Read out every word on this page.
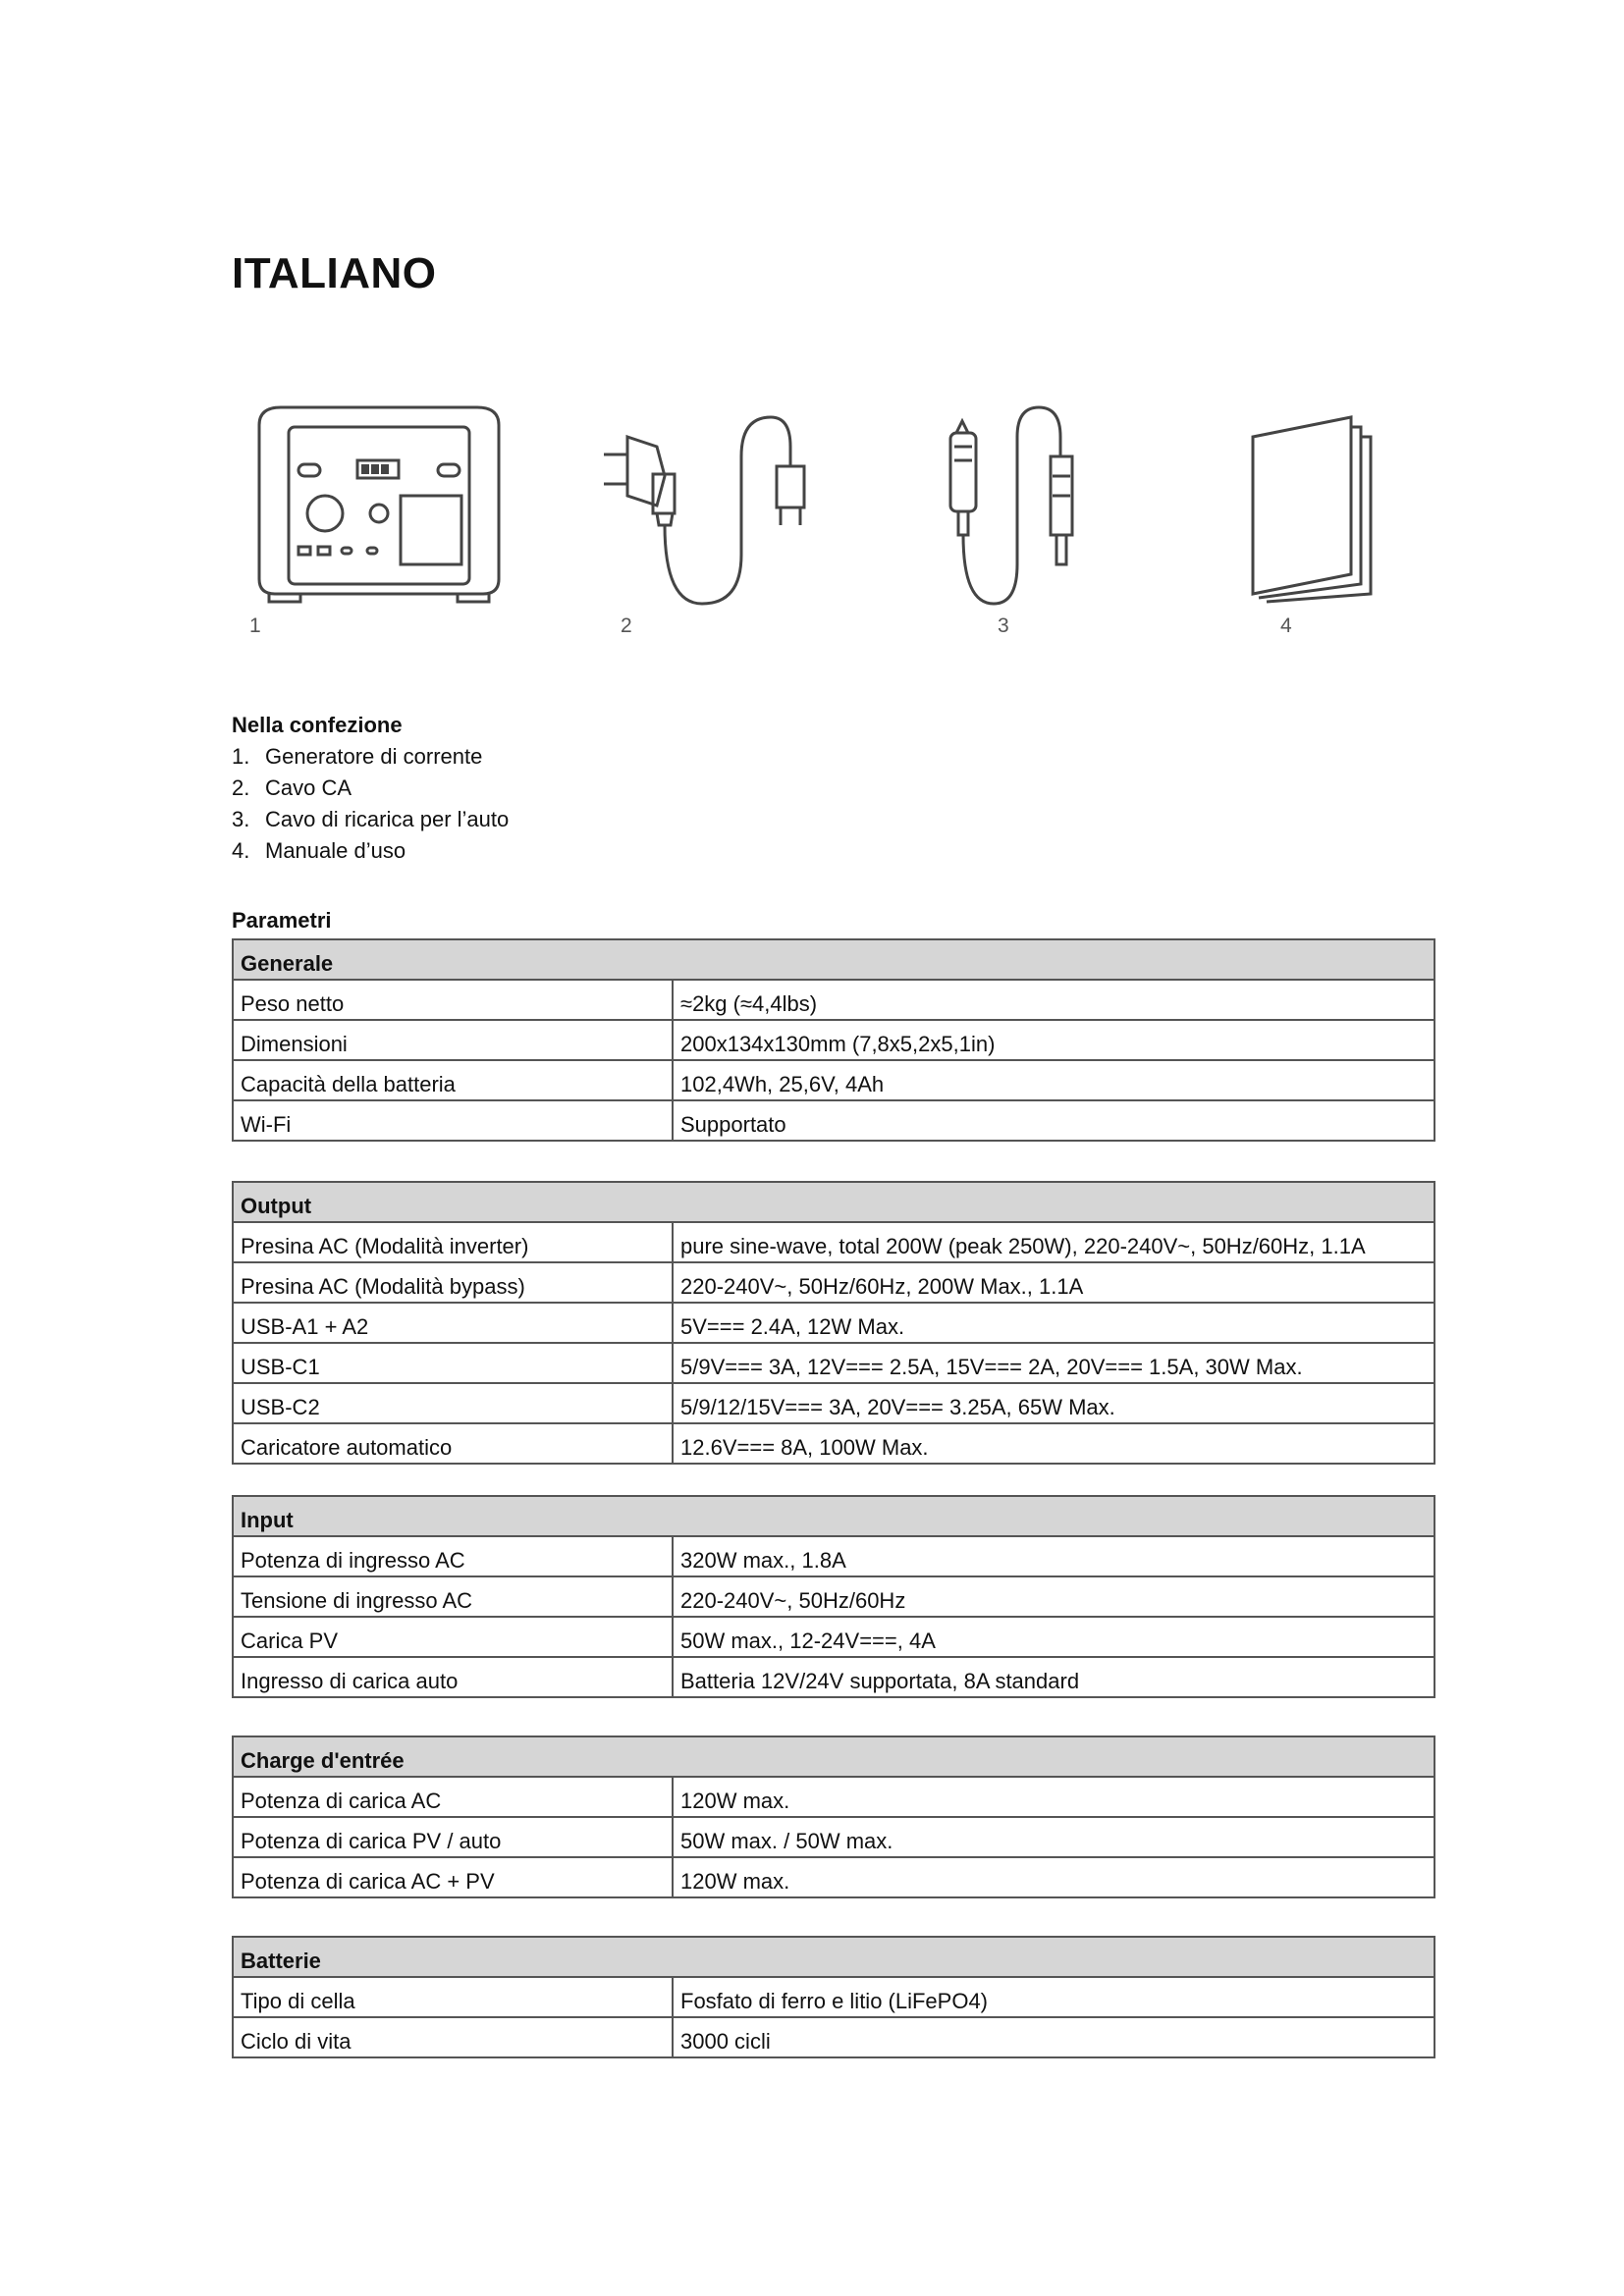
ITALIANO
1	2	3	4
Nella confezione
1. Generatore di corrente
2. Cavo CA
3. Cavo di ricarica per l’auto
4. Manuale d’uso
Parametri
Generale	
Peso netto	≈2kg (≈4,4lbs)
Dimensioni	200x134x130mm (7,8x5,2x5,1in)
Capacità della batteria	102,4Wh, 25,6V, 4Ah
Wi-Fi	Supportato
Output	
Presina AC (Modalità inverter)	pure sine-wave, total 200W (peak 250W), 220-240V~, 50Hz/60Hz, 1.1A
Presina AC (Modalità bypass)	220-240V~, 50Hz/60Hz, 200W Max., 1.1A
USB-A1 + A2	5V=== 2.4A, 12W Max.
USB-C1	5/9V=== 3A, 12V=== 2.5A, 15V=== 2A, 20V=== 1.5A, 30W Max.
USB-C2	5/9/12/15V=== 3A, 20V=== 3.25A, 65W Max.
Caricatore automatico	12.6V=== 8A, 100W Max.
Input	
Potenza di ingresso AC	320W max., 1.8A
Tensione di ingresso AC	220-240V~, 50Hz/60Hz
Carica PV	50W max., 12-24V===, 4A
Ingresso di carica auto	Batteria 12V/24V supportata, 8A standard
Charge d'entrée	
Potenza di carica AC	120W max.
Potenza di carica PV / auto	50W max. / 50W max.
Potenza di carica AC + PV	120W max.
Batterie	
Tipo di cella	Fosfato di ferro e litio (LiFePO4)
Ciclo di vita	3000 cicli
